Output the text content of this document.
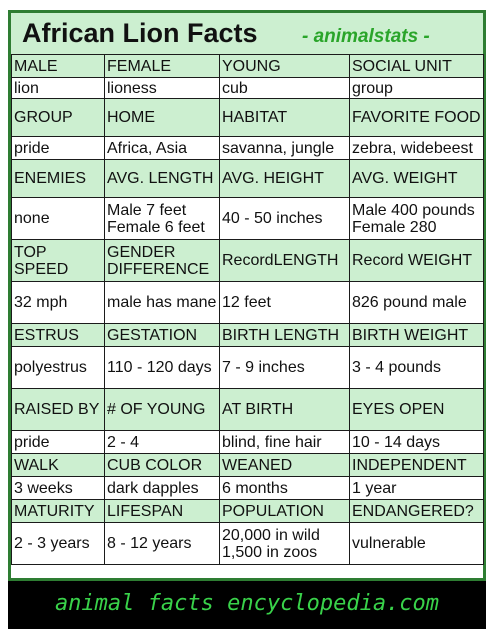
African Lion Facts - animalstats -
MALE	FEMALE	YOUNG	SOCIAL UNIT
lion	lioness	cub	group
GROUP	HOME	HABITAT	FAVORITE FOOD
pride	Africa, Asia	savanna, jungle	zebra, widebeest
ENEMIES	AVG. LENGTH	AVG. HEIGHT	AVG. WEIGHT
none	Male 7 feet Female 6 feet	40 - 50 inches	Male 400 pounds Female 280
TOP SPEED	GENDER DIFFERENCE	RecordLENGTH	Record WEIGHT
32 mph	male has mane	12 feet	826 pound male
ESTRUS	GESTATION	BIRTH LENGTH	BIRTH WEIGHT
polyestrus	110 - 120 days	7 - 9 inches	3 - 4 pounds
RAISED BY	# OF YOUNG	AT BIRTH	EYES OPEN
pride	2 - 4	blind, fine hair	10 - 14 days
WALK	CUB COLOR	WEANED	INDEPENDENT
3 weeks	dark dapples	6 months	1 year
MATURITY	LIFESPAN	POPULATION	ENDANGERED?
2 - 3 years	8 - 12 years	20,000 in wild 1,500 in zoos	vulnerable
animal facts encyclopedia.com
